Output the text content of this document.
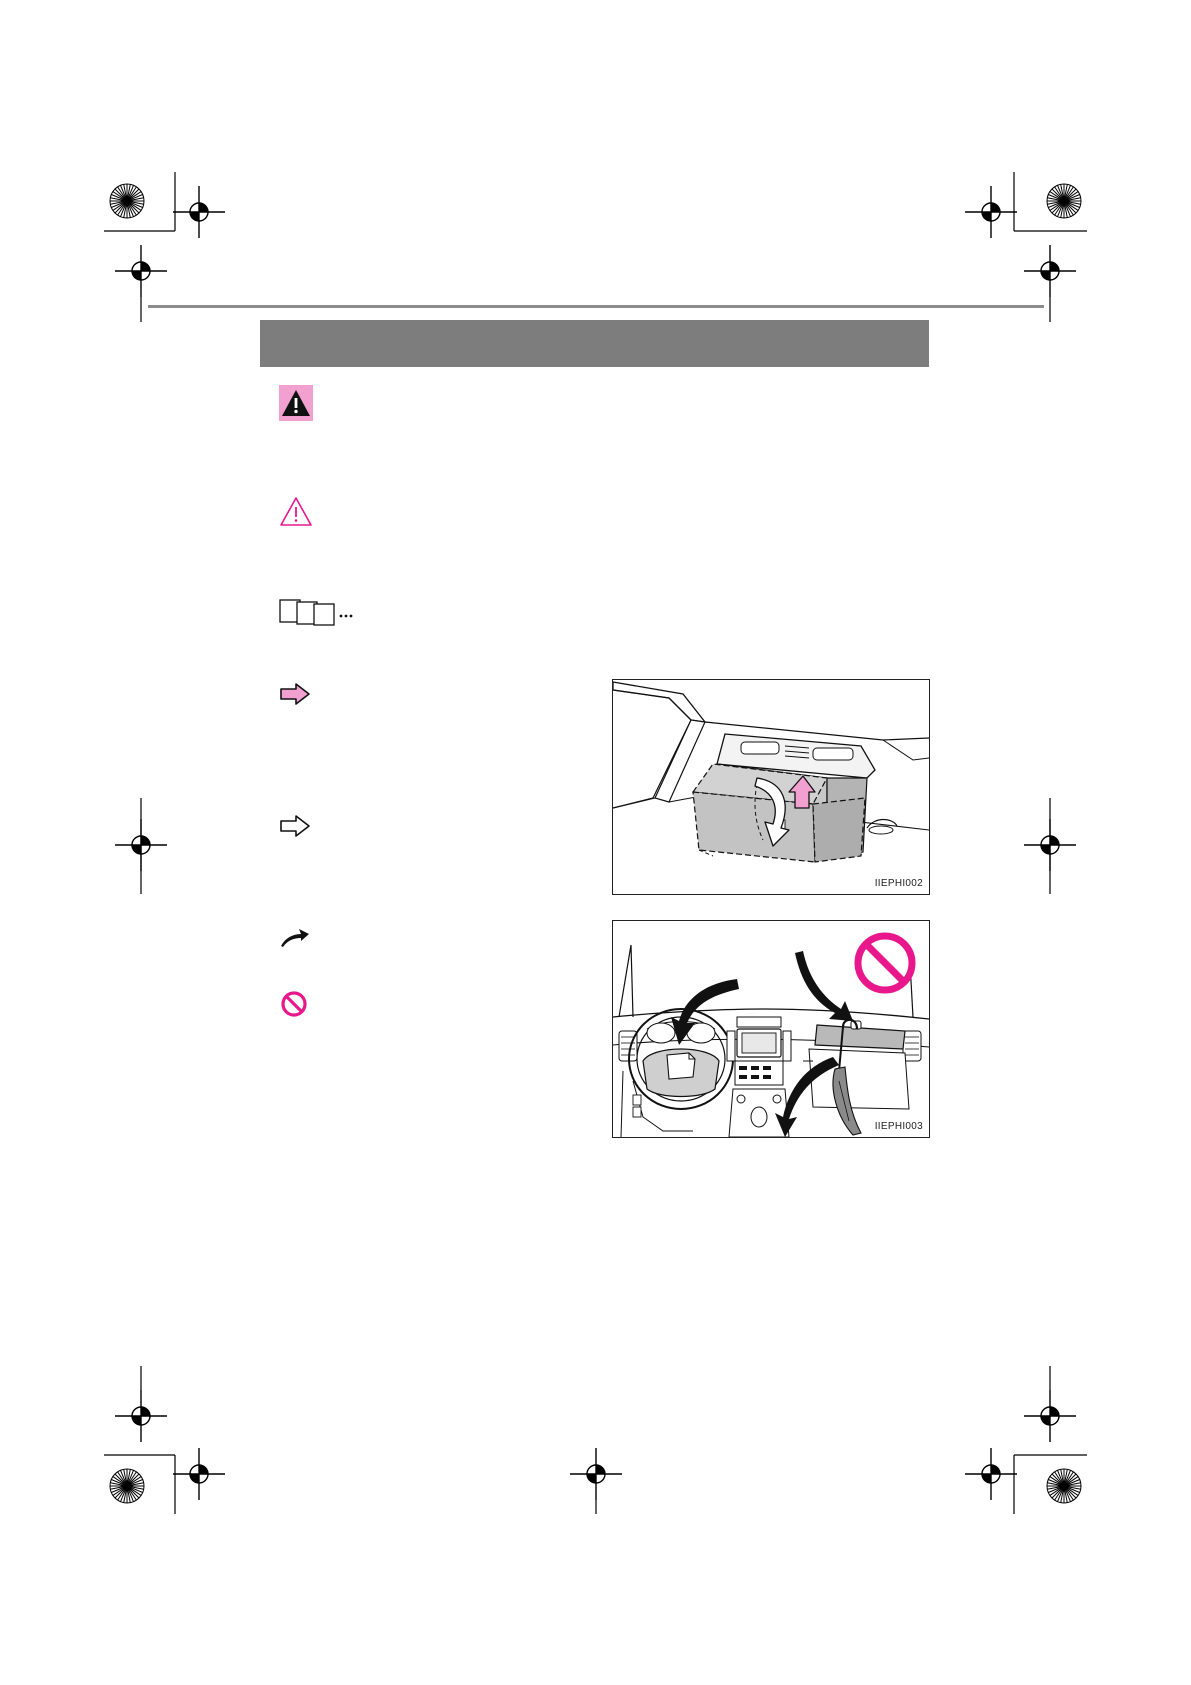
IIEPHI002
IIEPHI003
